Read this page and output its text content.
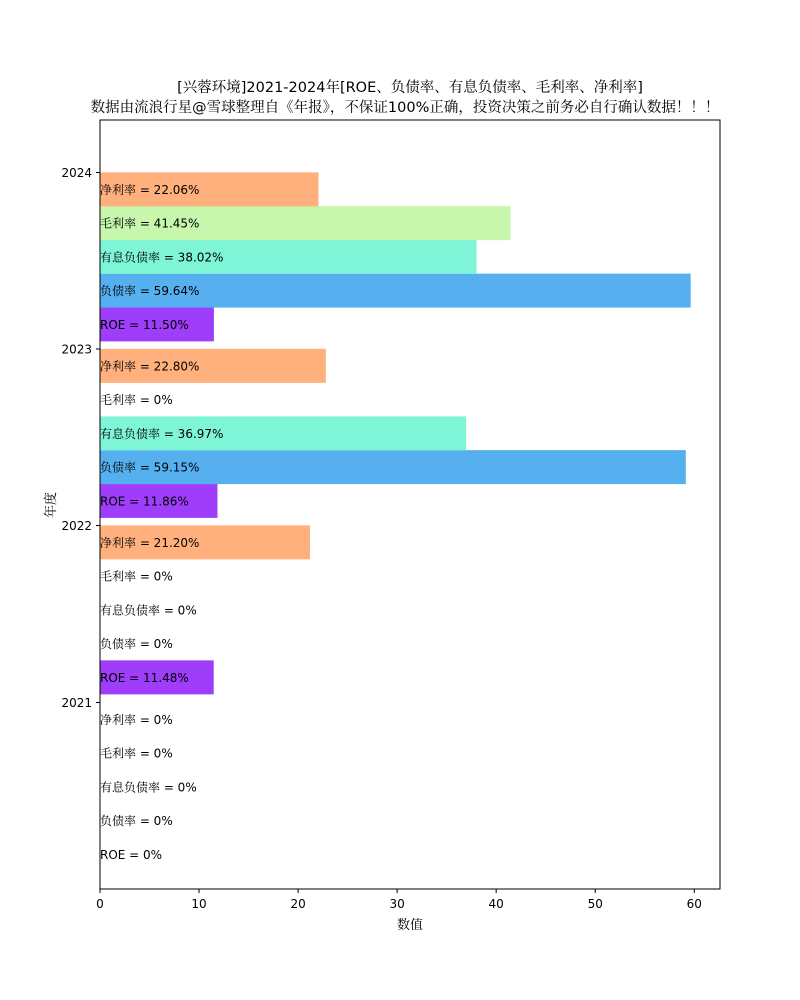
[兴蓉环境]2021-2024年[ROE、负债率、有息负债率、毛利率、净利率]
数据由流浪行星@雪球整理自《年报》，不保证100%正确，投资决策之前务必自行确认数据！！！
ROE = 0%
ROE = 11.48%
ROE = 11.86%
ROE = 11.50%
负债率 = 0%
负债率 = 0%
负债率 = 59.15%
负债率 = 59.64%
有息负债率 = 0%
有息负债率 = 0%
有息负债率 = 36.97%
有息负债率 = 38.02%
毛利率 = 0%
毛利率 = 0%
毛利率 = 0%
毛利率 = 41.45%
净利率 = 0%
净利率 = 21.20%
净利率 = 22.80%
净利率 = 22.06%
0	10	20	30	40	50	60
2021
2022
2023
2024
数值
年度
